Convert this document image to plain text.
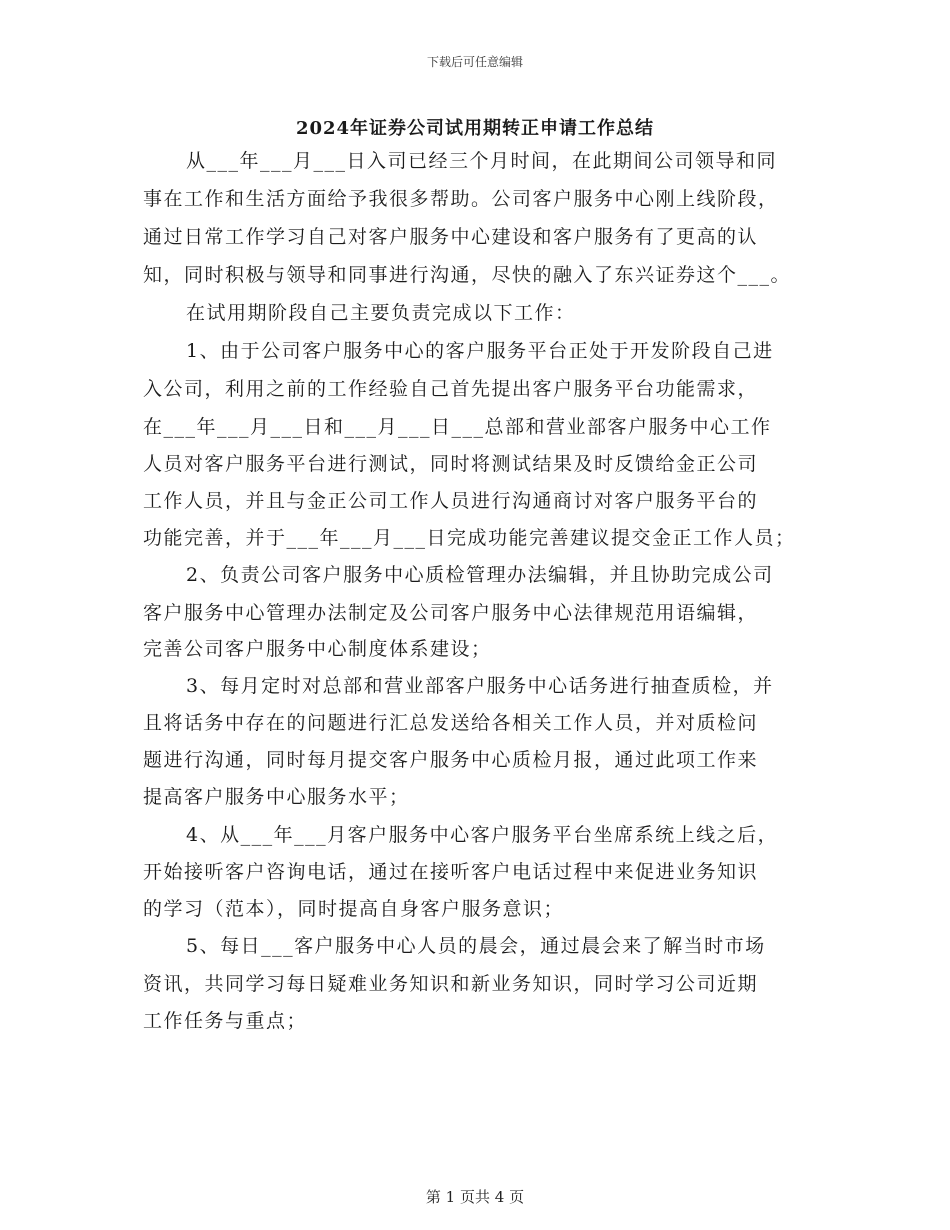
下载后可任意编辑
2024年证券公司试用期转正申请工作总结
从___年___月___日入司已经三个月时间，在此期间公司领导和同
事在工作和生活方面给予我很多帮助。公司客户服务中心刚上线阶段，
通过日常工作学习自己对客户服务中心建设和客户服务有了更高的认
知，同时积极与领导和同事进行沟通，尽快的融入了东兴证券这个___。
在试用期阶段自己主要负责完成以下工作：
1、由于公司客户服务中心的客户服务平台正处于开发阶段自己进
入公司，利用之前的工作经验自己首先提出客户服务平台功能需求，
在___年___月___日和___月___日___总部和营业部客户服务中心工作
人员对客户服务平台进行测试，同时将测试结果及时反馈给金正公司
工作人员，并且与金正公司工作人员进行沟通商讨对客户服务平台的
功能完善，并于___年___月___日完成功能完善建议提交金正工作人员；
2、负责公司客户服务中心质检管理办法编辑，并且协助完成公司
客户服务中心管理办法制定及公司客户服务中心法律规范用语编辑，
完善公司客户服务中心制度体系建设；
3、每月定时对总部和营业部客户服务中心话务进行抽查质检，并
且将话务中存在的问题进行汇总发送给各相关工作人员，并对质检问
题进行沟通，同时每月提交客户服务中心质检月报，通过此项工作来
提高客户服务中心服务水平；
4、从___年___月客户服务中心客户服务平台坐席系统上线之后，
开始接听客户咨询电话，通过在接听客户电话过程中来促进业务知识
的学习（范本），同时提高自身客户服务意识；
5、每日___客户服务中心人员的晨会，通过晨会来了解当时市场
资讯，共同学习每日疑难业务知识和新业务知识，同时学习公司近期
工作任务与重点；
第 1 页共 4 页
